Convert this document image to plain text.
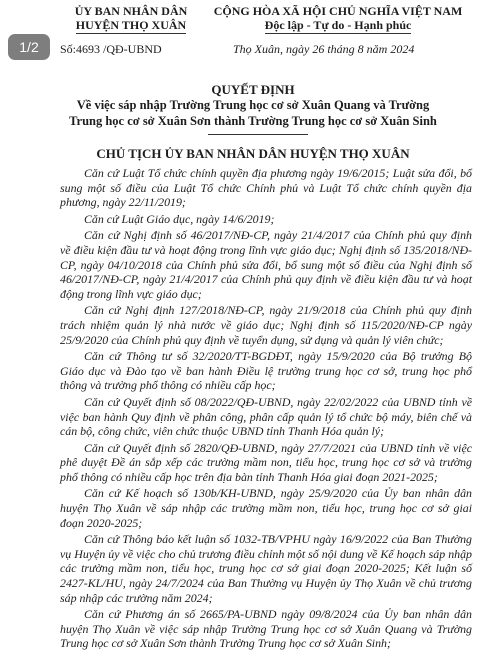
1/2
ỦY BAN NHÂN DÂN
HUYỆN THỌ XUÂN
CỘNG HÒA XÃ HỘI CHỦ NGHĨA VIỆT NAM
Độc lập - Tự do - Hạnh phúc
Số:4693 /QĐ-UBND	Thọ Xuân, ngày 26 tháng 8 năm 2024
QUYẾT ĐỊNH
Về việc sáp nhập Trường Trung học cơ sở Xuân Quang và Trường
Trung học cơ sở Xuân Sơn thành Trường Trung học cơ sở Xuân Sinh
CHỦ TỊCH ỦY BAN NHÂN DÂN HUYỆN THỌ XUÂN

Căn cứ Luật Tổ chức chính quyền địa phương ngày 19/6/2015; Luật sửa đổi, bổ sung một số điều của Luật Tổ chức Chính phủ và Luật Tổ chức chính quyền địa phương, ngày 22/11/2019;

Căn cứ Luật Giáo dục, ngày 14/6/2019;

Căn cứ Nghị định số 46/2017/NĐ-CP, ngày 21/4/2017 của Chính phủ quy định về điều kiện đầu tư và hoạt động trong lĩnh vực giáo dục; Nghị định số 135/2018/NĐ-CP, ngày 04/10/2018 của Chính phủ sửa đổi, bổ sung một số điều của Nghị định số 46/2017/NĐ-CP, ngày 21/4/2017 của Chính phủ quy định về điều kiện đầu tư và hoạt động trong lĩnh vực giáo dục;

Căn cứ Nghị định 127/2018/NĐ-CP, ngày 21/9/2018 của Chính phủ quy định trách nhiệm quản lý nhà nước về giáo dục; Nghị định số 115/2020/NĐ-CP ngày 25/9/2020 của Chính phủ quy định về tuyển dụng, sử dụng và quản lý viên chức;

Căn cứ Thông tư số 32/2020/TT-BGDĐT, ngày 15/9/2020 của Bộ trưởng Bộ Giáo dục và Đào tạo về ban hành Điều lệ trường trung học cơ sở, trung học phổ thông và trường phổ thông có nhiều cấp học;

Căn cứ Quyết định số 08/2022/QĐ-UBND, ngày 22/02/2022 của UBND tỉnh về việc ban hành Quy định về phân công, phân cấp quản lý tổ chức bộ máy, biên chế và cán bộ, công chức, viên chức thuộc UBND tỉnh Thanh Hóa quản lý;

Căn cứ Quyết định số 2820/QĐ-UBND, ngày 27/7/2021 của UBND tỉnh về việc phê duyệt Đề án sắp xếp các trường mầm non, tiểu học, trung học cơ sở và trường phổ thông có nhiều cấp học trên địa bàn tỉnh Thanh Hóa giai đoạn 2021-2025;

Căn cứ Kế hoạch số 130b/KH-UBND, ngày 25/9/2020 của Ủy ban nhân dân huyện Thọ Xuân về sáp nhập các trường mầm non, tiểu học, trung học cơ sở giai đoạn 2020-2025;

Căn cứ Thông báo kết luận số 1032-TB/VPHU ngày 16/9/2022 của Ban Thường vụ Huyện ủy về việc cho chủ trương điều chỉnh một số nội dung về Kế hoạch sáp nhập các trường mầm non, tiểu học, trung học cơ sở giai đoạn 2020-2025; Kết luận số 2427-KL/HU, ngày 24/7/2024 của Ban Thường vụ Huyện ủy Thọ Xuân về chủ trương sáp nhập các trường năm 2024;

Căn cứ Phương án số 2665/PA-UBND ngày 09/8/2024 của Ủy ban nhân dân huyện Thọ Xuân về việc sáp nhập Trường Trung học cơ sở Xuân Quang và Trường Trung học cơ sở Xuân Sơn thành Trường Trung học cơ sở Xuân Sinh;
